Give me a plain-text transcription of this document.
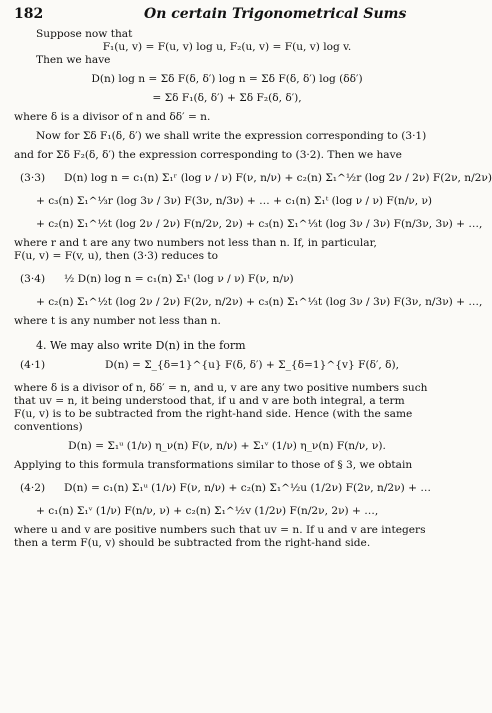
182	On certain Trigonometrical Sums
Suppose now that
F₁(u, v) = F(u, v) log u, F₂(u, v) = F(u, v) log v.
Then we have
D(n) log n = Σδ F(δ, δ′) log n = Σδ F(δ, δ′) log (δδ′)
= Σδ F₁(δ, δ′) + Σδ F₂(δ, δ′),
where δ is a divisor of n and δδ′ = n.
Now for Σδ F₁(δ, δ′) we shall write the expression corresponding to (3·1)
and for Σδ F₂(δ, δ′) the expression corresponding to (3·2). Then we have
(3·3)	D(n) log n = c₁(n) Σ₁ʳ (log ν / ν) F(ν, n/ν) + c₂(n) Σ₁^½r (log 2ν / 2ν) F(2ν, n/2ν)
+ c₃(n) Σ₁^⅓r (log 3ν / 3ν) F(3ν, n/3ν) + … + c₁(n) Σ₁ᵗ (log ν / ν) F(n/ν, ν)
+ c₂(n) Σ₁^½t (log 2ν / 2ν) F(n/2ν, 2ν) + c₃(n) Σ₁^⅓t (log 3ν / 3ν) F(n/3ν, 3ν) + …,
where r and t are any two numbers not less than n. If, in particular,
F(u, v) = F(v, u), then (3·3) reduces to
(3·4)	½ D(n) log n = c₁(n) Σ₁ᵗ (log ν / ν) F(ν, n/ν)
+ c₂(n) Σ₁^½t (log 2ν / 2ν) F(2ν, n/2ν) + c₃(n) Σ₁^⅓t (log 3ν / 3ν) F(3ν, n/3ν) + …,
where t is any number not less than n.
4. We may also write D(n) in the form
(4·1)	D(n) = Σ_{δ=1}^{u} F(δ, δ′) + Σ_{δ=1}^{v} F(δ′, δ),
where δ is a divisor of n, δδ′ = n, and u, v are any two positive numbers such
that uv = n, it being understood that, if u and v are both integral, a term
F(u, v) is to be subtracted from the right-hand side. Hence (with the same
conventions)
D(n) = Σ₁ᵘ (1/ν) η_ν(n) F(ν, n/ν) + Σ₁ᵛ (1/ν) η_ν(n) F(n/ν, ν).
Applying to this formula transformations similar to those of § 3, we obtain
(4·2)	D(n) = c₁(n) Σ₁ᵘ (1/ν) F(ν, n/ν) + c₂(n) Σ₁^½u (1/2ν) F(2ν, n/2ν) + …
+ c₁(n) Σ₁ᵛ (1/ν) F(n/ν, ν) + c₂(n) Σ₁^½v (1/2ν) F(n/2ν, 2ν) + …,
where u and v are positive numbers such that uv = n. If u and v are integers
then a term F(u, v) should be subtracted from the right-hand side.
